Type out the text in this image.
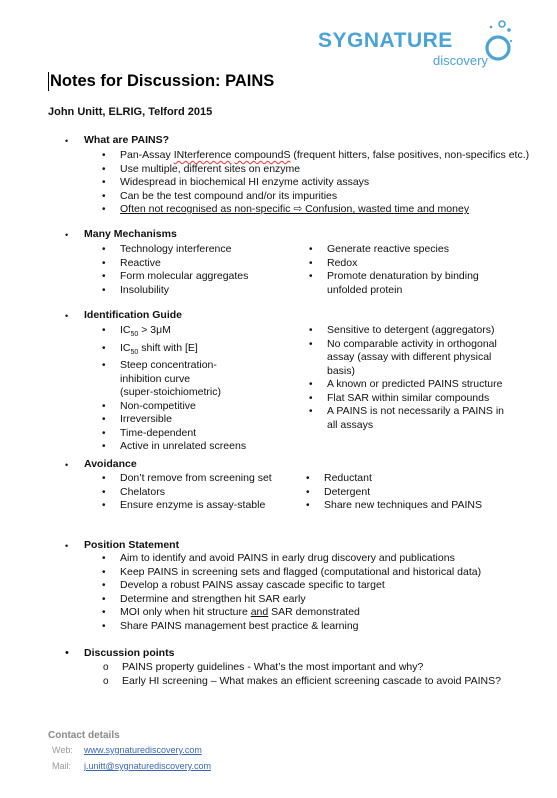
SYGNATURE
discovery
Notes for Discussion: PAINS
John Unitt, ELRIG, Telford 2015
• What are PAINS?
• Pan-Assay INterference compoundS (frequent hitters, false positives, non-specifics etc.)
• Use multiple, different sites on enzyme
• Widespread in biochemical HI enzyme activity assays
• Can be the test compound and/or its impurities
• Often not recognised as non-specific ⇨ Confusion, wasted time and money
• Many Mechanisms
• Technology interference
• Reactive
• Form molecular aggregates
• Insolubility
• Generate reactive species
• Redox
• Promote denaturation by binding unfolded protein
• Identification Guide
• $IC_{50} > 3\mu M$
• $IC_{50}$ shift with [E]
• Steep concentration-
inhibition curve
(super-stoichiometric)
• Non-competitive
• Irreversible
• Time-dependent
• Active in unrelated screens
• Sensitive to detergent (aggregators)
• No comparable activity in orthogonal assay (assay with different physical basis)
• A known or predicted PAINS structure
• Flat SAR within similar compounds
• A PAINS is not necessarily a PAINS in all assays
• Avoidance
• Don’t remove from screening set
• Chelators
• Ensure enzyme is assay-stable
• Reductant
• Detergent
• Share new techniques and PAINS
• Position Statement
• Aim to identify and avoid PAINS in early drug discovery and publications
• Keep PAINS in screening sets and flagged (computational and historical data)
• Develop a robust PAINS assay cascade specific to target
• Determine and strengthen hit SAR early
• MOI only when hit structure and SAR demonstrated
• Share PAINS management best practice & learning
• Discussion points
o PAINS property guidelines - What’s the most important and why?
o Early HI screening – What makes an efficient screening cascade to avoid PAINS?
Contact details
Web: www.sygnaturediscovery.com
Mail: j.unitt@sygnaturediscovery.com
